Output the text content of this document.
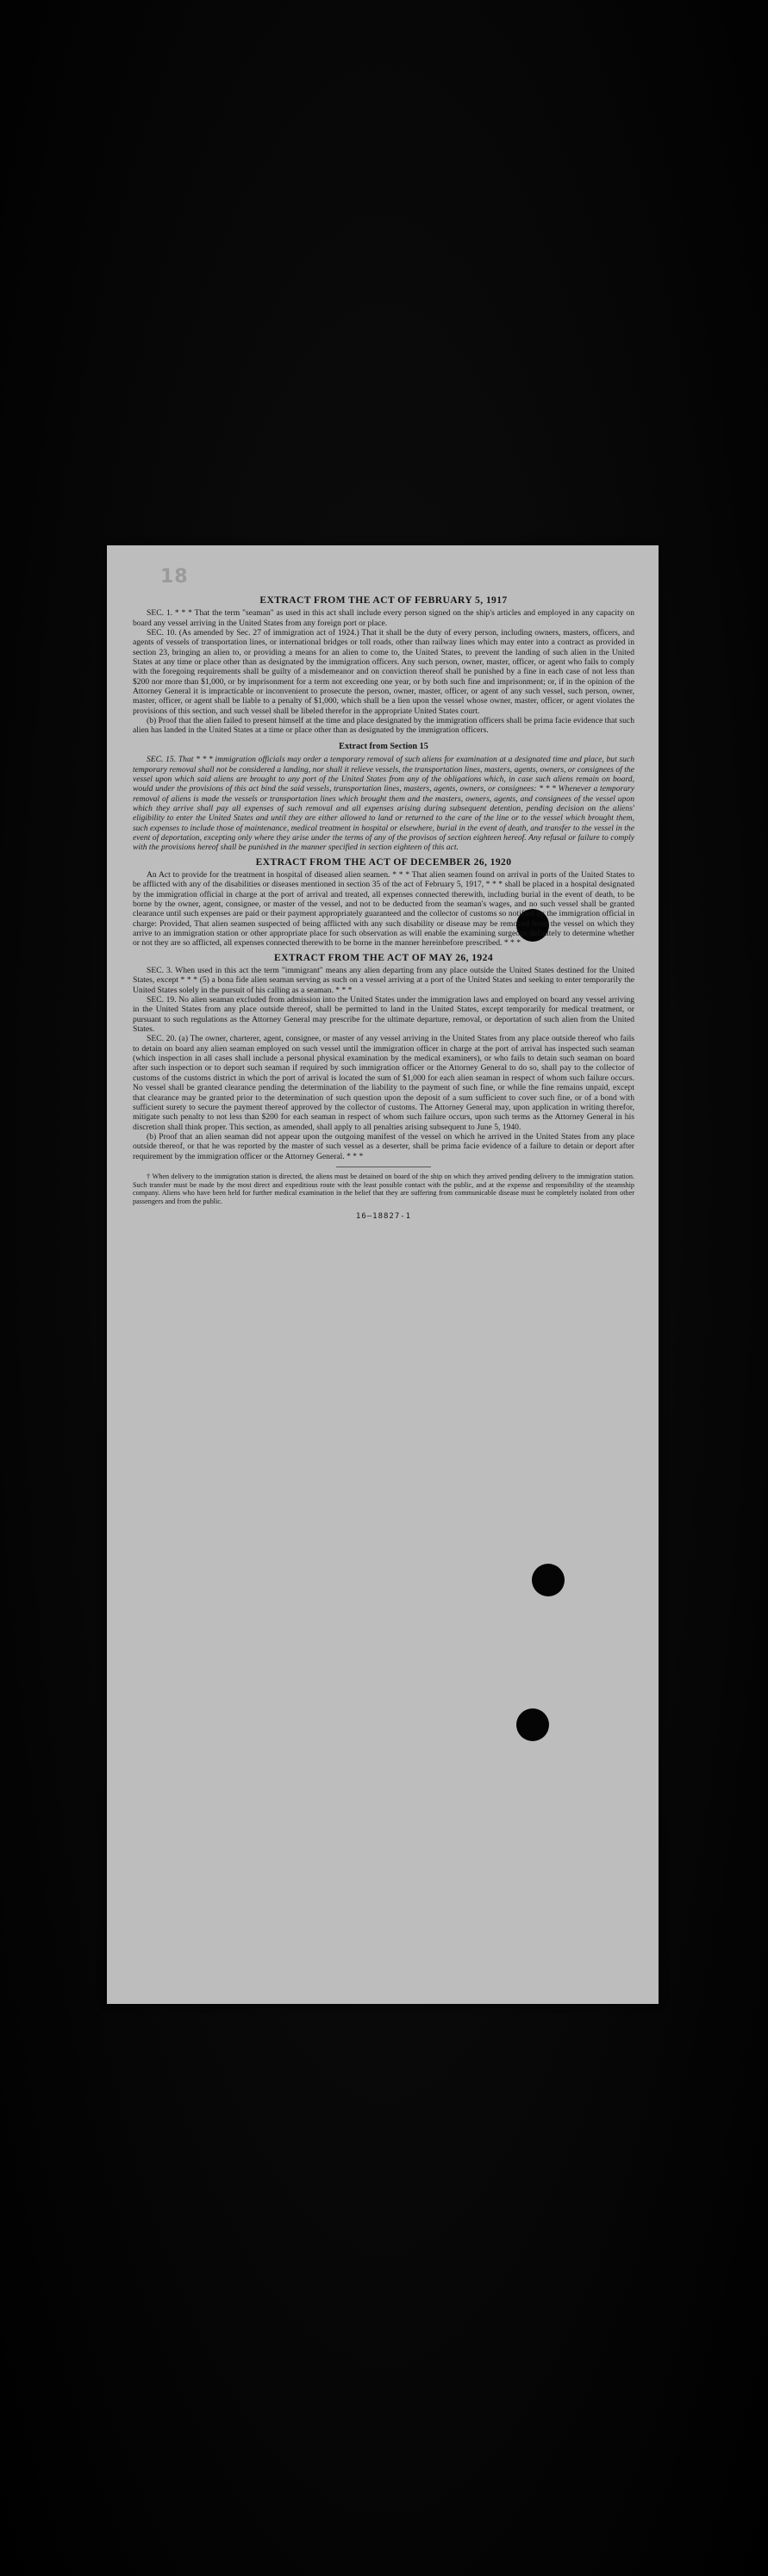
18
EXTRACT FROM THE ACT OF FEBRUARY 5, 1917

SEC. 1. * * * That the term "seaman" as used in this act shall include every person signed on the ship's articles and employed in any capacity on board any vessel arriving in the United States from any foreign port or place.

SEC. 10. (As amended by Sec. 27 of immigration act of 1924.) That it shall be the duty of every person, including owners, masters, officers, and agents of vessels of transportation lines, or international bridges or toll roads, other than railway lines which may enter into a contract as provided in section 23, bringing an alien to, or providing a means for an alien to come to, the United States, to prevent the landing of such alien in the United States at any time or place other than as designated by the immigration officers. Any such person, owner, master, officer, or agent who fails to comply with the foregoing requirements shall be guilty of a misdemeanor and on conviction thereof shall be punished by a fine in each case of not less than $200 nor more than $1,000, or by imprisonment for a term not exceeding one year, or by both such fine and imprisonment; or, if in the opinion of the Attorney General it is impracticable or inconvenient to prosecute the person, owner, master, officer, or agent of any such vessel, such person, owner, master, officer, or agent shall be liable to a penalty of $1,000, which shall be a lien upon the vessel whose owner, master, officer, or agent violates the provisions of this section, and such vessel shall be libeled therefor in the appropriate United States court.

(b) Proof that the alien failed to present himself at the time and place designated by the immigration officers shall be prima facie evidence that such alien has landed in the United States at a time or place other than as designated by the immigration officers.

Extract from Section 15

SEC. 15. That * * * immigration officials may order a temporary removal of such aliens for examination at a designated time and place, but such temporary removal shall not be considered a landing, nor shall it relieve vessels, the transportation lines, masters, agents, owners, or consignees of the vessel upon which said aliens are brought to any port of the United States from any of the obligations which, in case such aliens remain on board, would under the provisions of this act bind the said vessels, transportation lines, masters, agents, owners, or consignees: * * * Whenever a temporary removal of aliens is made the vessels or transportation lines which brought them and the masters, owners, agents, and consignees of the vessel upon which they arrive shall pay all expenses of such removal and all expenses arising during subsequent detention, pending decision on the aliens' eligibility to enter the United States and until they are either allowed to land or returned to the care of the line or to the vessel which brought them, such expenses to include those of maintenance, medical treatment in hospital or elsewhere, burial in the event of death, and transfer to the vessel in the event of deportation, excepting only where they arise under the terms of any of the provisos of section eighteen hereof. Any refusal or failure to comply with the provisions hereof shall be punished in the manner specified in section eighteen of this act.

EXTRACT FROM THE ACT OF DECEMBER 26, 1920

An Act to provide for the treatment in hospital of diseased alien seamen. * * * That alien seamen found on arrival in ports of the United States to be afflicted with any of the disabilities or diseases mentioned in section 35 of the act of February 5, 1917, * * * shall be placed in a hospital designated by the immigration official in charge at the port of arrival and treated, all expenses connected therewith, including burial in the event of death, to be borne by the owner, agent, consignee, or master of the vessel, and not to be deducted from the seaman's wages, and no such vessel shall be granted clearance until such expenses are paid or their payment appropriately guaranteed and the collector of customs so notified by the immigration official in charge: Provided, That alien seamen suspected of being afflicted with any such disability or disease may be removed from the vessel on which they arrive to an immigration station or other appropriate place for such observation as will enable the examining surgeons definitely to determine whether or not they are so afflicted, all expenses connected therewith to be borne in the manner hereinbefore prescribed. * * *

EXTRACT FROM THE ACT OF MAY 26, 1924

SEC. 3. When used in this act the term "immigrant" means any alien departing from any place outside the United States destined for the United States, except * * * (5) a bona fide alien seaman serving as such on a vessel arriving at a port of the United States and seeking to enter temporarily the United States solely in the pursuit of his calling as a seaman. * * *

SEC. 19. No alien seaman excluded from admission into the United States under the immigration laws and employed on board any vessel arriving in the United States from any place outside thereof, shall be permitted to land in the United States, except temporarily for medical treatment, or pursuant to such regulations as the Attorney General may prescribe for the ultimate departure, removal, or deportation of such alien from the United States.

SEC. 20. (a) The owner, charterer, agent, consignee, or master of any vessel arriving in the United States from any place outside thereof who fails to detain on board any alien seaman employed on such vessel until the immigration officer in charge at the port of arrival has inspected such seaman (which inspection in all cases shall include a personal physical examination by the medical examiners), or who fails to detain such seaman on board after such inspection or to deport such seaman if required by such immigration officer or the Attorney General to do so, shall pay to the collector of customs of the customs district in which the port of arrival is located the sum of $1,000 for each alien seaman in respect of whom such failure occurs. No vessel shall be granted clearance pending the determination of the liability to the payment of such fine, or while the fine remains unpaid, except that clearance may be granted prior to the determination of such question upon the deposit of a sum sufficient to cover such fine, or of a bond with sufficient surety to secure the payment thereof approved by the collector of customs. The Attorney General may, upon application in writing therefor, mitigate such penalty to not less than $200 for each seaman in respect of whom such failure occurs, upon such terms as the Attorney General in his discretion shall think proper. This section, as amended, shall apply to all penalties arising subsequent to June 5, 1940.

(b) Proof that an alien seaman did not appear upon the outgoing manifest of the vessel on which he arrived in the United States from any place outside thereof, or that he was reported by the master of such vessel as a deserter, shall be prima facie evidence of a failure to detain or deport after requirement by the immigration officer or the Attorney General. * * *

† When delivery to the immigration station is directed, the aliens must be detained on board of the ship on which they arrived pending delivery to the immigration station. Such transfer must be made by the most direct and expeditious route with the least possible contact with the public, and at the expense and responsibility of the steamship company. Aliens who have been held for further medical examination in the belief that they are suffering from communicable disease must be completely isolated from other passengers and from the public.

16—18827-1
